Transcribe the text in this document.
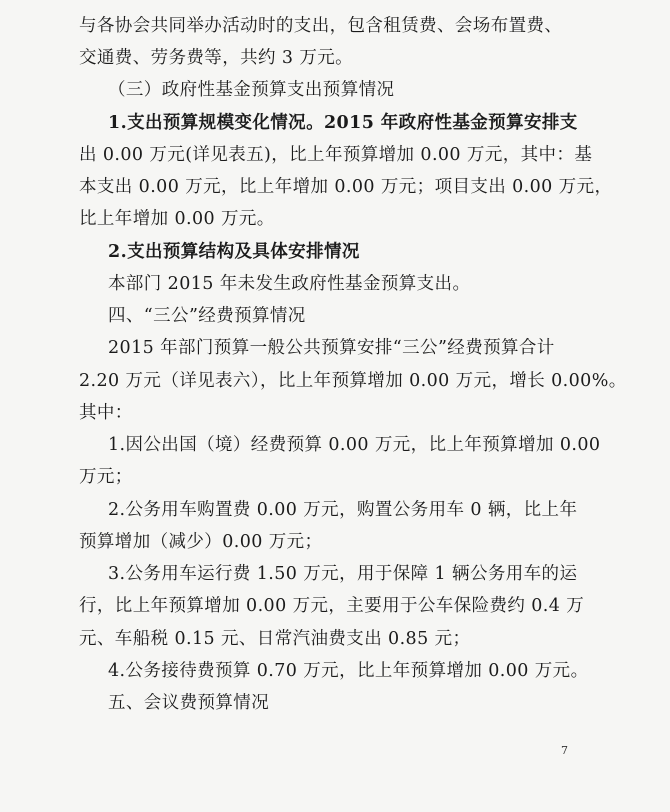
与各协会共同举办活动时的支出，包含租赁费、会场布置费、
交通费、劳务费等，共约 3 万元。
（三）政府性基金预算支出预算情况
1.支出预算规模变化情况。2015 年政府性基金预算安排支
出 0.00 万元(详见表五)，比上年预算增加 0.00 万元，其中：基
本支出 0.00 万元，比上年增加 0.00 万元；项目支出 0.00 万元，
比上年增加 0.00 万元。
2.支出预算结构及具体安排情况
本部门 2015 年未发生政府性基金预算支出。
四、“三公”经费预算情况
2015 年部门预算一般公共预算安排“三公”经费预算合计
2.20 万元（详见表六），比上年预算增加 0.00 万元，增长 0.00%。
其中：
1.因公出国（境）经费预算 0.00 万元，比上年预算增加 0.00
万元；
2.公务用车购置费 0.00 万元，购置公务用车 0 辆，比上年
预算增加（减少）0.00 万元；
3.公务用车运行费 1.50 万元，用于保障 1 辆公务用车的运
行，比上年预算增加 0.00 万元，主要用于公车保险费约 0.4 万
元、车船税 0.15 元、日常汽油费支出 0.85 元；
4.公务接待费预算 0.70 万元，比上年预算增加 0.00 万元。
五、会议费预算情况
7
